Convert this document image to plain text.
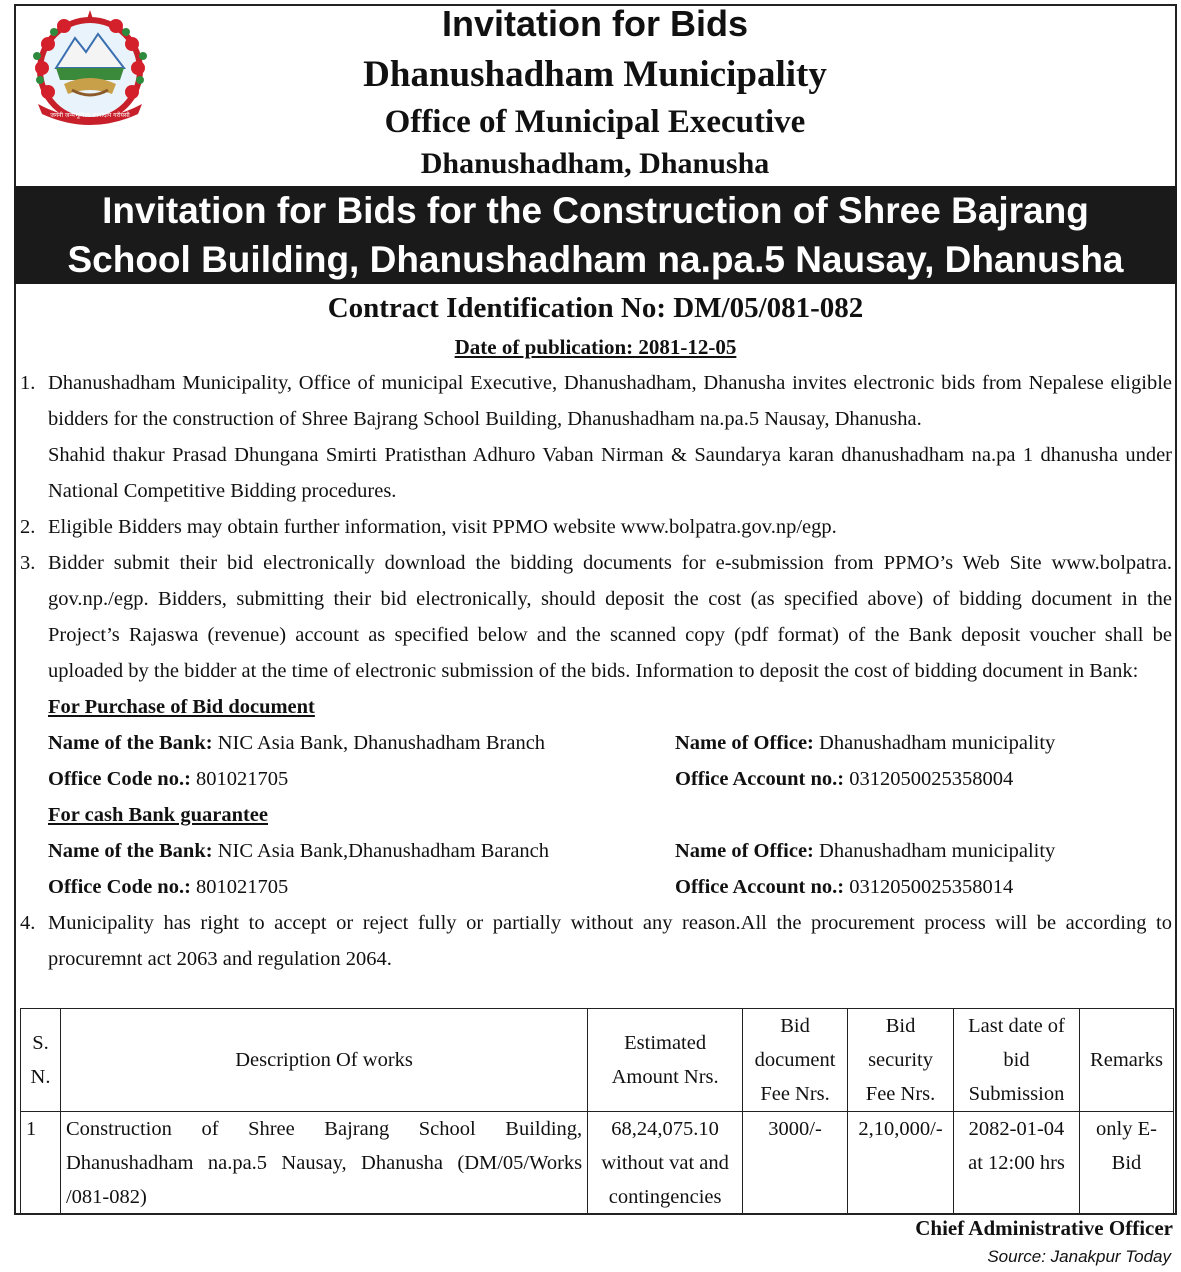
जननी जन्मभूमिश्च स्वर्गादपि गरीयसी
Invitation for Bids
Dhanushadham Municipality
Office of Municipal Executive
Dhanushadham, Dhanusha
Invitation for Bids for the Construction of Shree Bajrang
School Building, Dhanushadham na.pa.5 Nausay, Dhanusha
Contract Identification No: DM/05/081-082
Date of publication: 2081-12-05
1. Dhanushadham Municipality, Office of municipal Executive, Dhanushadham, Dhanusha invites electronic bids from Nepalese eligible bidders for the construction of Shree Bajrang School Building, Dhanushadham na.pa.5 Nausay, Dhanusha.
Shahid thakur Prasad Dhungana Smirti Pratisthan Adhuro Vaban Nirman & Saundarya karan dhanushadham na.pa 1 dhanusha under National Competitive Bidding procedures.
2. Eligible Bidders may obtain further information, visit PPMO website www.bolpatra.gov.np/egp.
3. Bidder submit their bid electronically download the bidding documents for e-submission from PPMO’s Web Site www.bolpatra. gov.np./egp. Bidders, submitting their bid electronically, should deposit the cost (as specified above) of bidding document in the Project’s Rajaswa (revenue) account as specified below and the scanned copy (pdf format) of the Bank deposit voucher shall be uploaded by the bidder at the time of electronic submission of the bids. Information to deposit the cost of bidding document in Bank:
For Purchase of Bid document
Name of the Bank: NIC Asia Bank, Dhanushadham Branch	Name of Office: Dhanushadham municipality
Office Code no.: 801021705	Office Account no.: 0312050025358004
For cash Bank guarantee
Name of the Bank: NIC Asia Bank,Dhanushadham Baranch	Name of Office: Dhanushadham municipality
Office Code no.: 801021705	Office Account no.: 0312050025358014
4. Municipality has right to accept or reject fully or partially without any reason.All the procurement process will be according to procuremnt act 2063 and regulation 2064.
S. N.	Description Of works	Estimated Amount Nrs.	Bid document Fee Nrs.	Bid security Fee Nrs.	Last date of bid Submission	Remarks
1	Construction of Shree Bajrang School Building, Dhanushadham na.pa.5 Nausay, Dhanusha (DM/05/Works /081-082)	68,24,075.10 without vat and contingencies	3000/-	2,10,000/-	2082-01-04 at 12:00 hrs	only E-Bid
Chief Administrative Officer
Source: Janakpur Today
